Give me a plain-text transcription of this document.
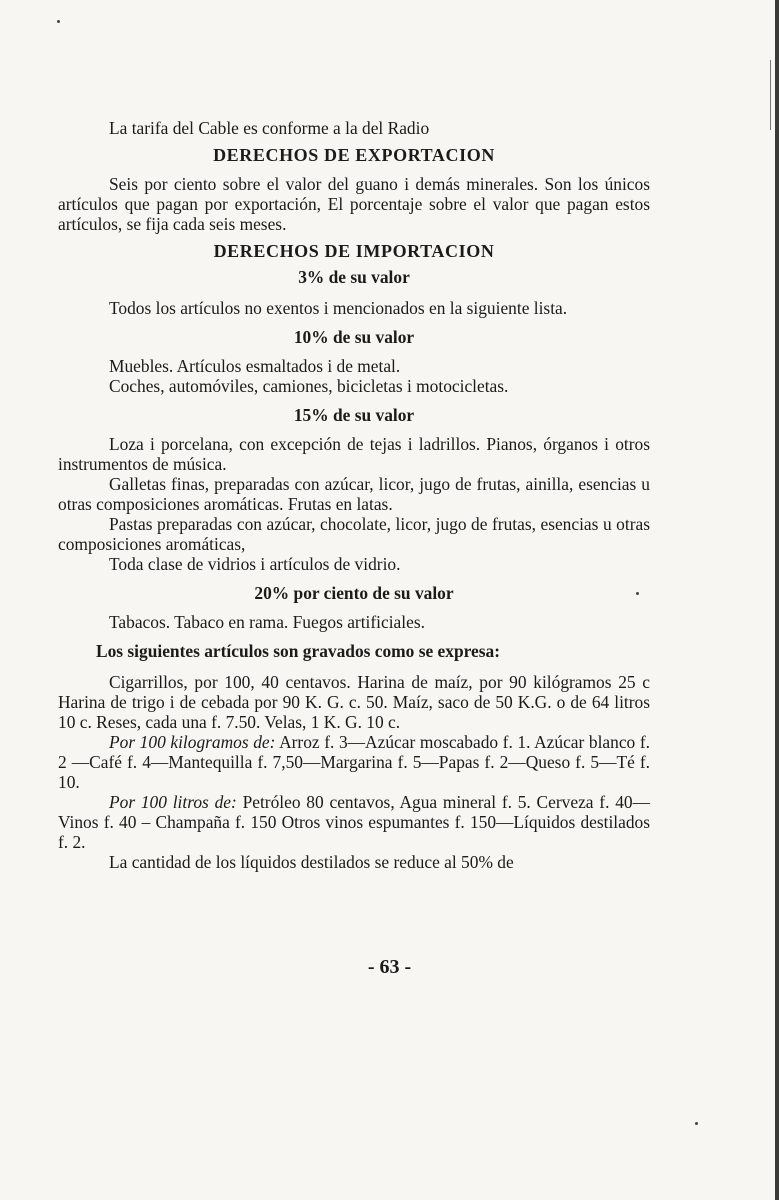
La tarifa del Cable es conforme a la del Radio

DERECHOS DE EXPORTACION

Seis por ciento sobre el valor del guano i demás minerales. Son los únicos artículos que pagan por exportación, El porcentaje sobre el valor que pagan estos artículos, se fija cada seis meses.

DERECHOS DE IMPORTACION
3% de su valor

Todos los artículos no exentos i mencionados en la siguiente lista.

10% de su valor

Muebles. Artículos esmaltados i de metal.

Coches, automóviles, camiones, bicicletas i motocicletas.

15% de su valor

Loza i porcelana, con excepción de tejas i ladrillos. Pianos, órganos i otros instrumentos de música.

Galletas finas, preparadas con azúcar, licor, jugo de frutas, ainilla, esencias u otras composiciones aromáticas. Frutas en latas.

Pastas preparadas con azúcar, chocolate, licor, jugo de frutas, esencias u otras composiciones aromáticas,

Toda clase de vidrios i artículos de vidrio.

20% por ciento de su valor

Tabacos. Tabaco en rama. Fuegos artificiales.

Los siguientes artículos son gravados como se expresa:

Cigarrillos, por 100, 40 centavos. Harina de maíz, por 90 kilógramos 25 c Harina de trigo i de cebada por 90 K. G. c. 50. Maíz, saco de 50 K.G. o de 64 litros 10 c. Reses, cada una f. 7.50. Velas, 1 K. G. 10 c.

Por 100 kilogramos de: Arroz f. 3—Azúcar moscabado f. 1. Azúcar blanco f. 2 —Café f. 4—Mantequilla f. 7,50—Margarina f. 5—Papas f. 2—Queso f. 5—Té f. 10.

Por 100 litros de: Petróleo 80 centavos, Agua mineral f. 5. Cerveza f. 40—Vinos f. 40 – Champaña f. 150 Otros vinos espumantes f. 150—Líquidos destilados f. 2.

La cantidad de los líquidos destilados se reduce al 50% de

- 63 -
